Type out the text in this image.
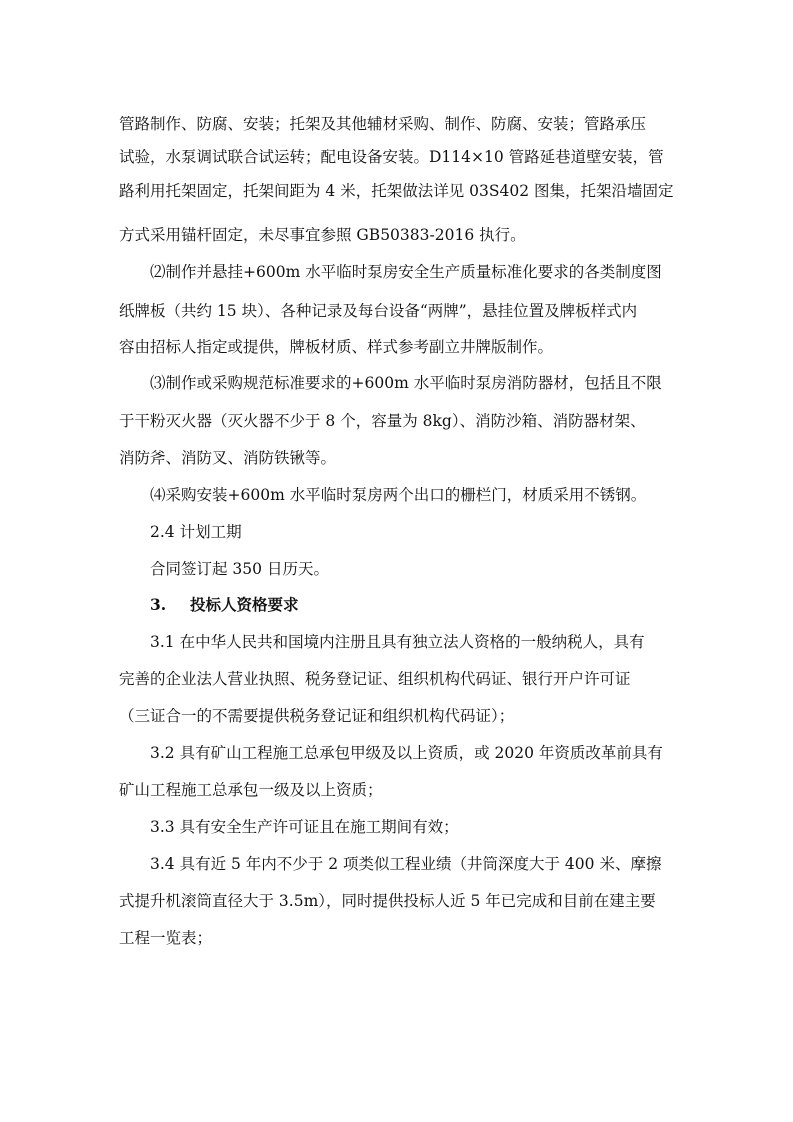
管路制作、防腐、安装；托架及其他辅材采购、制作、防腐、安装；管路承压
试验，水泵调试联合试运转；配电设备安装。D114×10 管路延巷道壁安装，管
路利用托架固定，托架间距为 4 米，托架做法详见 03S402 图集，托架沿墙固定
方式采用锚杆固定，未尽事宜参照 GB50383-2016 执行。
⑵制作并悬挂+600m 水平临时泵房安全生产质量标准化要求的各类制度图
纸牌板（共约 15 块）、各种记录及每台设备“两牌”，悬挂位置及牌板样式内
容由招标人指定或提供，牌板材质、样式参考副立井牌版制作。
⑶制作或采购规范标准要求的+600m 水平临时泵房消防器材，包括且不限
于干粉灭火器（灭火器不少于 8 个，容量为 8kg）、消防沙箱、消防器材架、
消防斧、消防叉、消防铁锹等。
⑷采购安装+600m 水平临时泵房两个出口的栅栏门，材质采用不锈钢。
2.4 计划工期
合同签订起 350 日历天。
3. 投标人资格要求
3.1 在中华人民共和国境内注册且具有独立法人资格的一般纳税人，具有
完善的企业法人营业执照、税务登记证、组织机构代码证、银行开户许可证
（三证合一的不需要提供税务登记证和组织机构代码证）；
3.2 具有矿山工程施工总承包甲级及以上资质，或 2020 年资质改革前具有
矿山工程施工总承包一级及以上资质；
3.3 具有安全生产许可证且在施工期间有效；
3.4 具有近 5 年内不少于 2 项类似工程业绩（井筒深度大于 400 米、摩擦
式提升机滚筒直径大于 3.5m），同时提供投标人近 5 年已完成和目前在建主要
工程一览表；
